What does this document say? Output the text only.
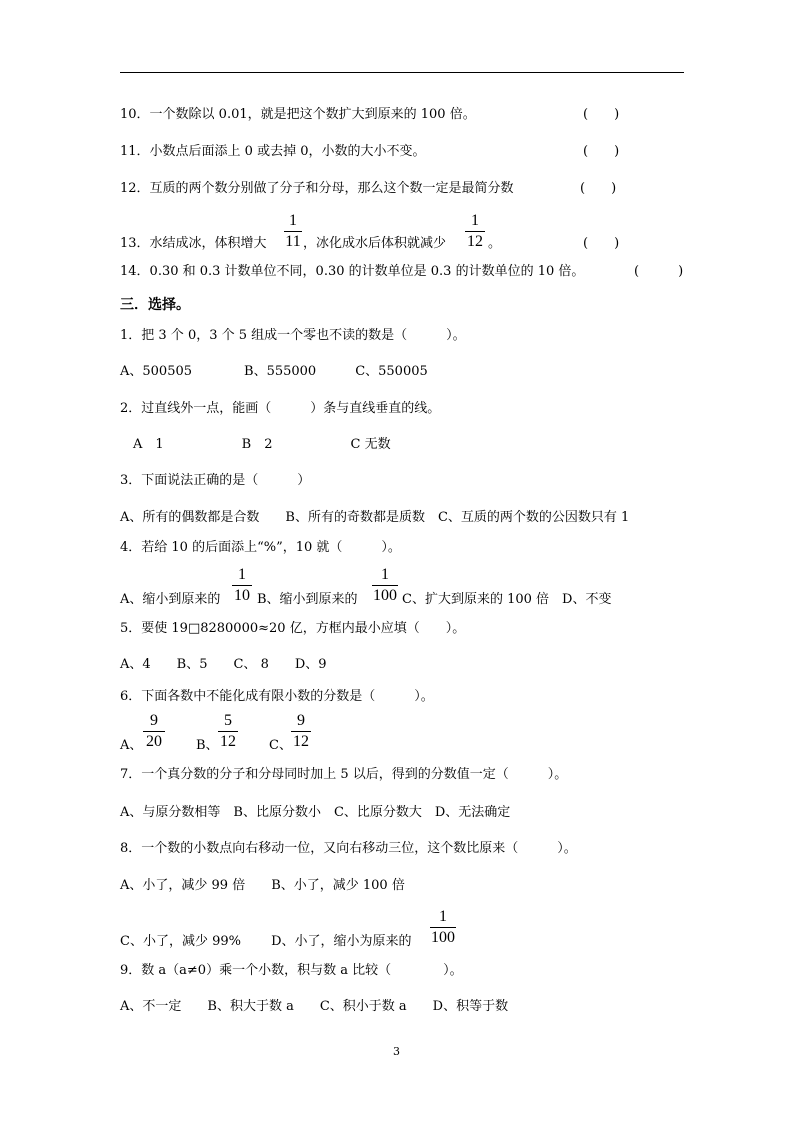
10．一个数除以 0.01，就是把这个数扩大到原来的 100 倍。	(　　)
11．小数点后面添上 0 或去掉 0，小数的大小不变。	(　　)
12．互质的两个数分别做了分子和分母，那么这个数一定是最简分数	(　　)
13．水结成冰，体积增大
1
11 ，冰化成水后体积就减少
1
12 。	(　　)
14．0.30 和 0.3 计数单位不同，0.30 的计数单位是 0.3 的计数单位的 10 倍。	(　　　)
三．选择。
1．把 3 个 0，3 个 5 组成一个零也不读的数是（　　　）。
A、500505　　　　B、555000　　　C、550005
2．过直线外一点，能画（　　　）条与直线垂直的线。
　A　1　　　　　　B　2　　　　　　C 无数
3．下面说法正确的是（　　　）
A、所有的偶数都是合数　　B、所有的奇数都是质数　C、互质的两个数的公因数只有 1
4．若给 10 的后面添上“%”，10 就（　　　）。
A、缩小到原来的
1
10 B、缩小到原来的
1
100 C、扩大到原来的 100 倍　D、不变
5．要使 19□8280000≈20 亿，方框内最小应填（　　）。
A、4　　B、5　　C、 8　　D、9
6．下面各数中不能化成有限小数的分数是（　　　）。
A、
9
20	B、
5
12	C、
9
12
7．一个真分数的分子和分母同时加上 5 以后，得到的分数值一定（　　　）。
A、与原分数相等　B、比原分数小　C、比原分数大　D、无法确定
8．一个数的小数点向右移动一位，又向右移动三位，这个数比原来（　　　）。
A、小了，减少 99 倍　　B、小了，减少 100 倍
C、小了，减少 99%　　 D、小了，缩小为原来的
1
100
9．数 a（a≠0）乘一个小数，积与数 a 比较（　　　　）。
A、不一定　　B、积大于数 a　　C、积小于数 a　　D、积等于数
3
